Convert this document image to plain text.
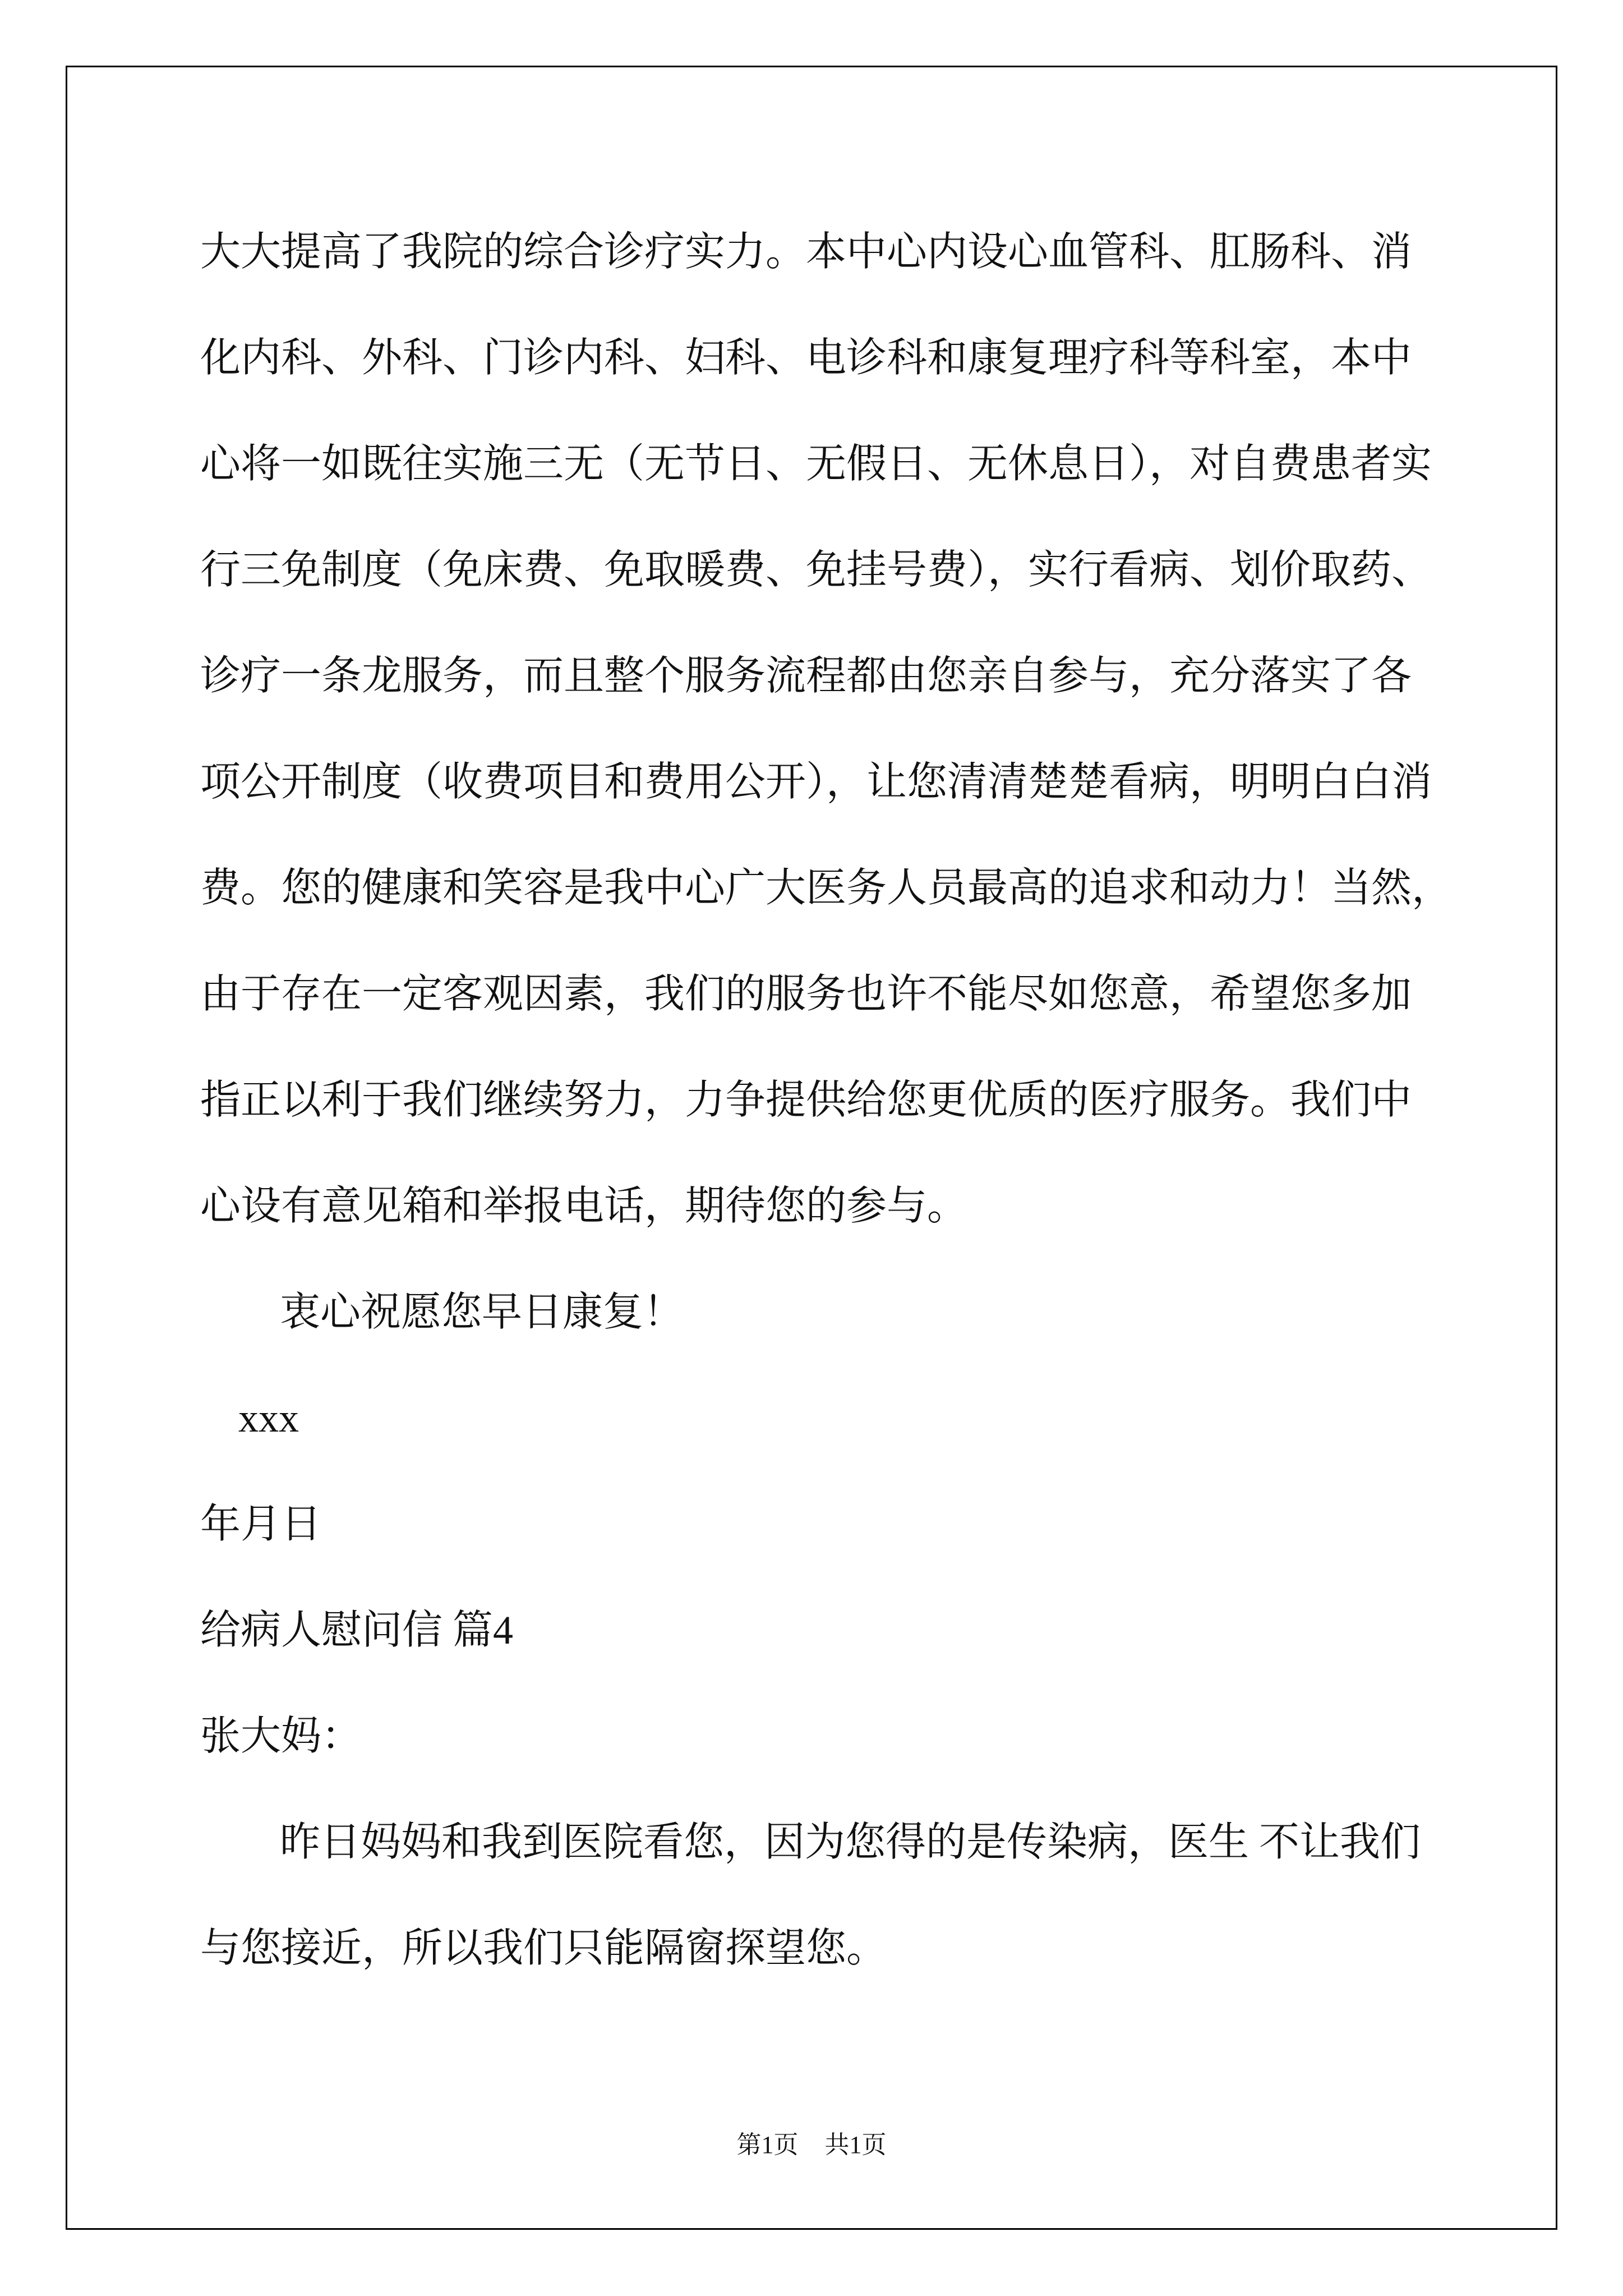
大大提高了我院的综合诊疗实力。本中心内设心血管科、肛肠科、消
化内科、外科、门诊内科、妇科、电诊科和康复理疗科等科室，本中
心将一如既往实施三无（无节日、无假日、无休息日），对自费患者实
行三免制度（免床费、免取暖费、免挂号费），实行看病、划价取药、
诊疗一条龙服务，而且整个服务流程都由您亲自参与，充分落实了各
项公开制度（收费项目和费用公开），让您清清楚楚看病，明明白白消
费。您的健康和笑容是我中心广大医务人员最高的追求和动力！当然，
由于存在一定客观因素，我们的服务也许不能尽如您意，希望您多加
指正以利于我们继续努力，力争提供给您更优质的医疗服务。我们中
心设有意见箱和举报电话，期待您的参与。
衷心祝愿您早日康复！
xxx
年月日
给病人慰问信 篇4
张大妈：
昨日妈妈和我到医院看您，因为您得的是传染病，医生 不让我们
与您接近，所以我们只能隔窗探望您。
第1页 共1页
